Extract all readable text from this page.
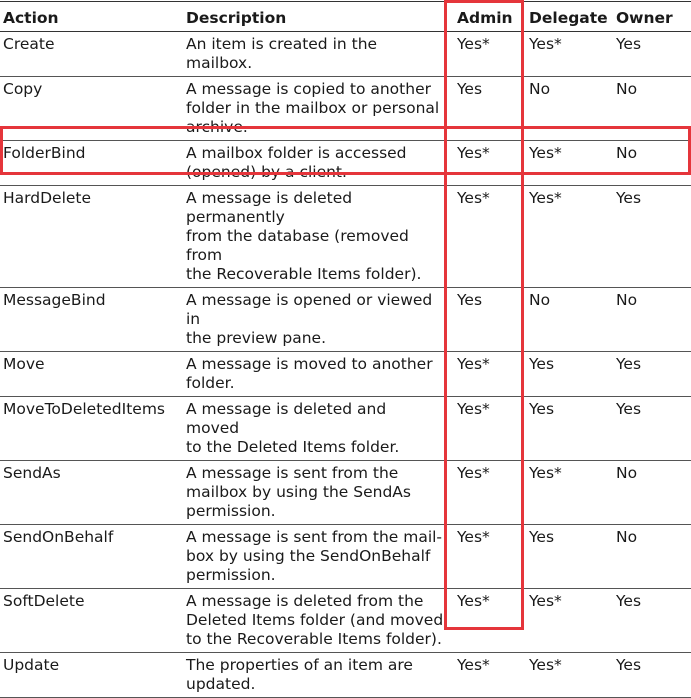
Action	Description	Admin	Delegate	Owner
Create	An item is created in the mailbox.	Yes*	Yes*	Yes
Copy	A message is copied to another
folder in the mailbox or personal
archive.	Yes	No	No
FolderBind	A mailbox folder is accessed
(opened) by a client.	Yes*	Yes*	No
HardDelete	A message is deleted permanently
from the database (removed from
the Recoverable Items folder).	Yes*	Yes*	Yes
MessageBind	A message is opened or viewed in
the preview pane.	Yes	No	No
Move	A message is moved to another
folder.	Yes*	Yes	Yes
MoveToDeletedItems	A message is deleted and moved
to the Deleted Items folder.	Yes*	Yes	Yes
SendAs	A message is sent from the
mailbox by using the SendAs
permission.	Yes*	Yes*	No
SendOnBehalf	A message is sent from the mail-
box by using the SendOnBehalf
permission.	Yes*	Yes	No
SoftDelete	A message is deleted from the
Deleted Items folder (and moved
to the Recoverable Items folder).	Yes*	Yes*	Yes
Update	The properties of an item are
updated.	Yes*	Yes*	Yes
